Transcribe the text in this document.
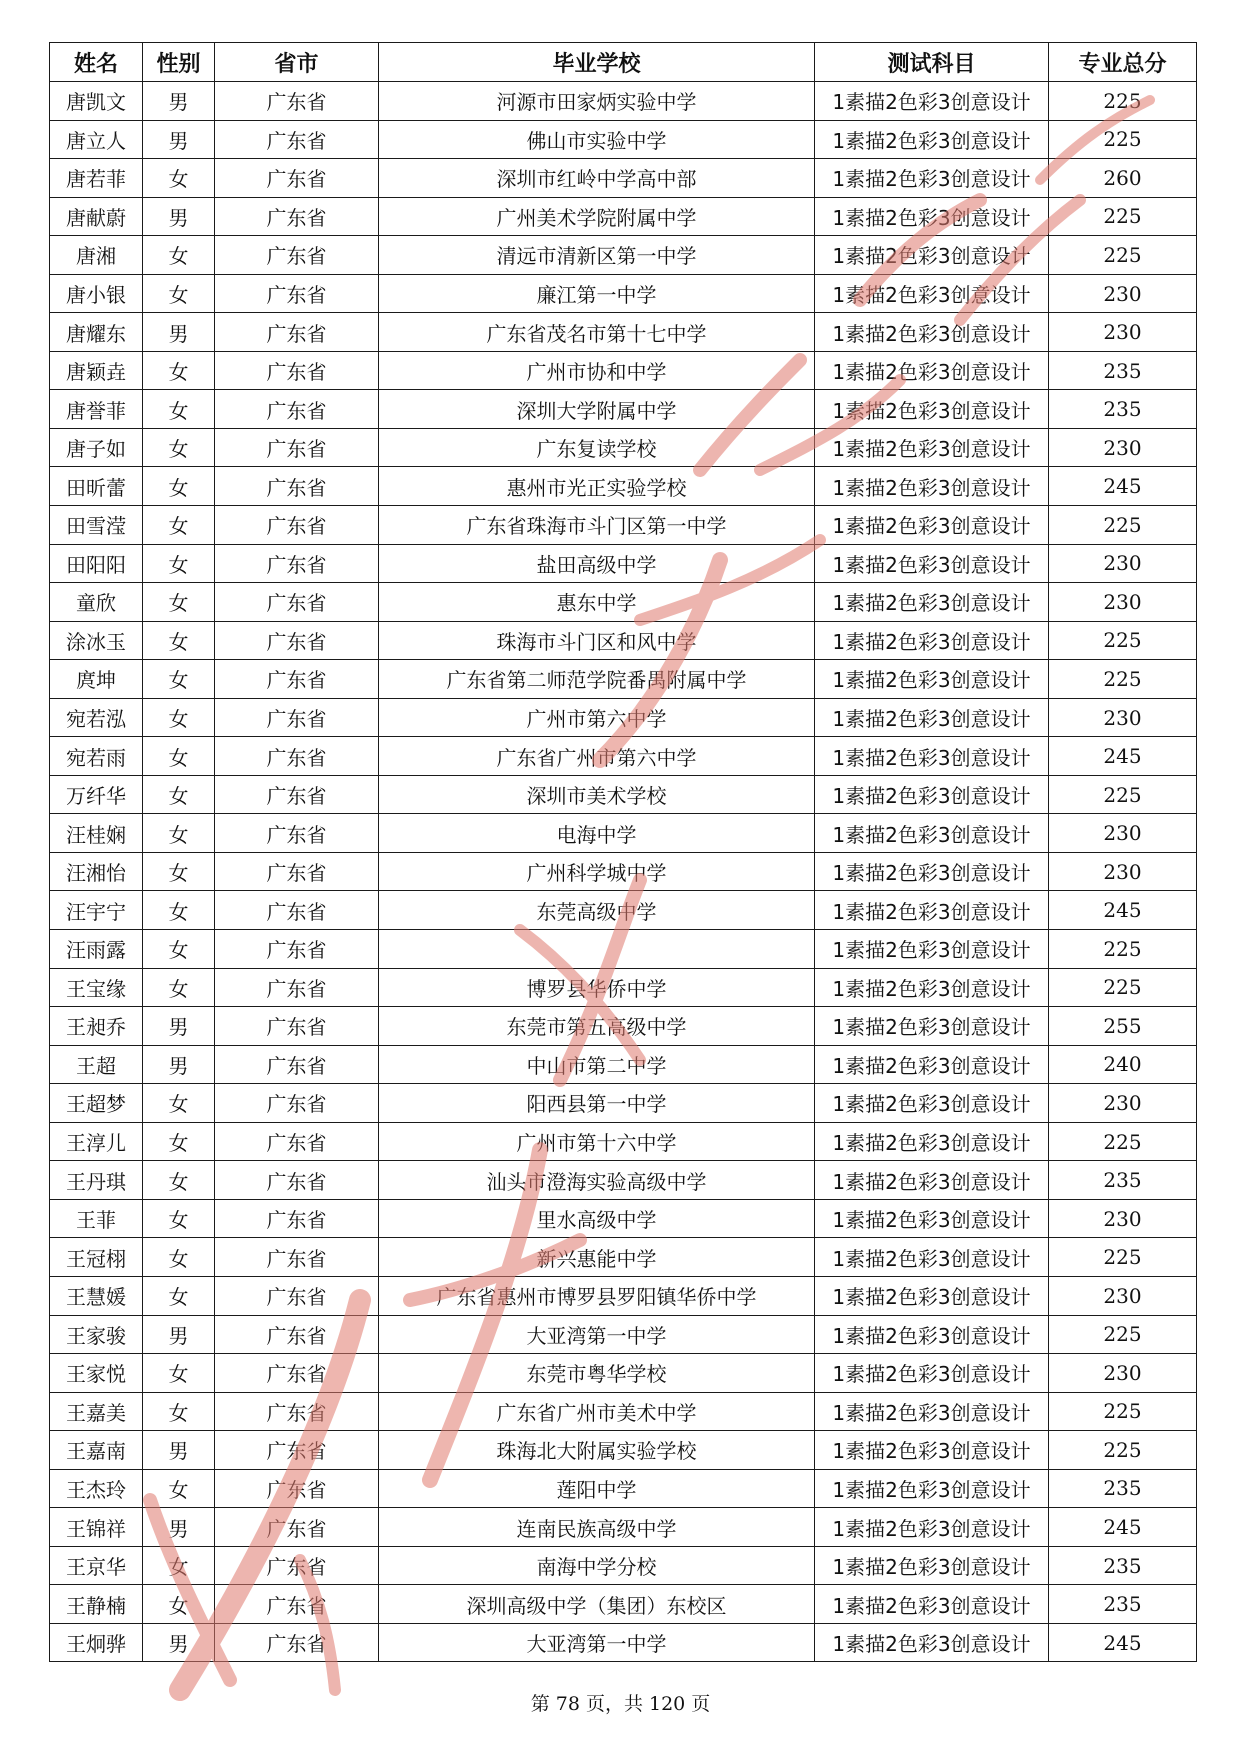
姓名	性别	省市	毕业学校	测试科目	专业总分
唐凯文	男	广东省	河源市田家炳实验中学	1素描2色彩3创意设计	225
唐立人	男	广东省	佛山市实验中学	1素描2色彩3创意设计	225
唐若菲	女	广东省	深圳市红岭中学高中部	1素描2色彩3创意设计	260
唐献蔚	男	广东省	广州美术学院附属中学	1素描2色彩3创意设计	225
唐湘	女	广东省	清远市清新区第一中学	1素描2色彩3创意设计	225
唐小银	女	广东省	廉江第一中学	1素描2色彩3创意设计	230
唐耀东	男	广东省	广东省茂名市第十七中学	1素描2色彩3创意设计	230
唐颖垚	女	广东省	广州市协和中学	1素描2色彩3创意设计	235
唐誉菲	女	广东省	深圳大学附属中学	1素描2色彩3创意设计	235
唐子如	女	广东省	广东复读学校	1素描2色彩3创意设计	230
田昕蕾	女	广东省	惠州市光正实验学校	1素描2色彩3创意设计	245
田雪滢	女	广东省	广东省珠海市斗门区第一中学	1素描2色彩3创意设计	225
田阳阳	女	广东省	盐田高级中学	1素描2色彩3创意设计	230
童欣	女	广东省	惠东中学	1素描2色彩3创意设计	230
涂冰玉	女	广东省	珠海市斗门区和风中学	1素描2色彩3创意设计	225
庹坤	女	广东省	广东省第二师范学院番禺附属中学	1素描2色彩3创意设计	225
宛若泓	女	广东省	广州市第六中学	1素描2色彩3创意设计	230
宛若雨	女	广东省	广东省广州市第六中学	1素描2色彩3创意设计	245
万纤华	女	广东省	深圳市美术学校	1素描2色彩3创意设计	225
汪桂娴	女	广东省	电海中学	1素描2色彩3创意设计	230
汪湘怡	女	广东省	广州科学城中学	1素描2色彩3创意设计	230
汪宇宁	女	广东省	东莞高级中学	1素描2色彩3创意设计	245
汪雨露	女	广东省		1素描2色彩3创意设计	225
王宝缘	女	广东省	博罗县华侨中学	1素描2色彩3创意设计	225
王昶乔	男	广东省	东莞市第五高级中学	1素描2色彩3创意设计	255
王超	男	广东省	中山市第二中学	1素描2色彩3创意设计	240
王超梦	女	广东省	阳西县第一中学	1素描2色彩3创意设计	230
王淳儿	女	广东省	广州市第十六中学	1素描2色彩3创意设计	225
王丹琪	女	广东省	汕头市澄海实验高级中学	1素描2色彩3创意设计	235
王菲	女	广东省	里水高级中学	1素描2色彩3创意设计	230
王冠栩	女	广东省	新兴惠能中学	1素描2色彩3创意设计	225
王慧媛	女	广东省	广东省惠州市博罗县罗阳镇华侨中学	1素描2色彩3创意设计	230
王家骏	男	广东省	大亚湾第一中学	1素描2色彩3创意设计	225
王家悦	女	广东省	东莞市粤华学校	1素描2色彩3创意设计	230
王嘉美	女	广东省	广东省广州市美术中学	1素描2色彩3创意设计	225
王嘉南	男	广东省	珠海北大附属实验学校	1素描2色彩3创意设计	225
王杰玲	女	广东省	莲阳中学	1素描2色彩3创意设计	235
王锦祥	男	广东省	连南民族高级中学	1素描2色彩3创意设计	245
王京华	女	广东省	南海中学分校	1素描2色彩3创意设计	235
王静楠	女	广东省	深圳高级中学（集团）东校区	1素描2色彩3创意设计	235
王炯骅	男	广东省	大亚湾第一中学	1素描2色彩3创意设计	245
第 78 页，共 120 页
